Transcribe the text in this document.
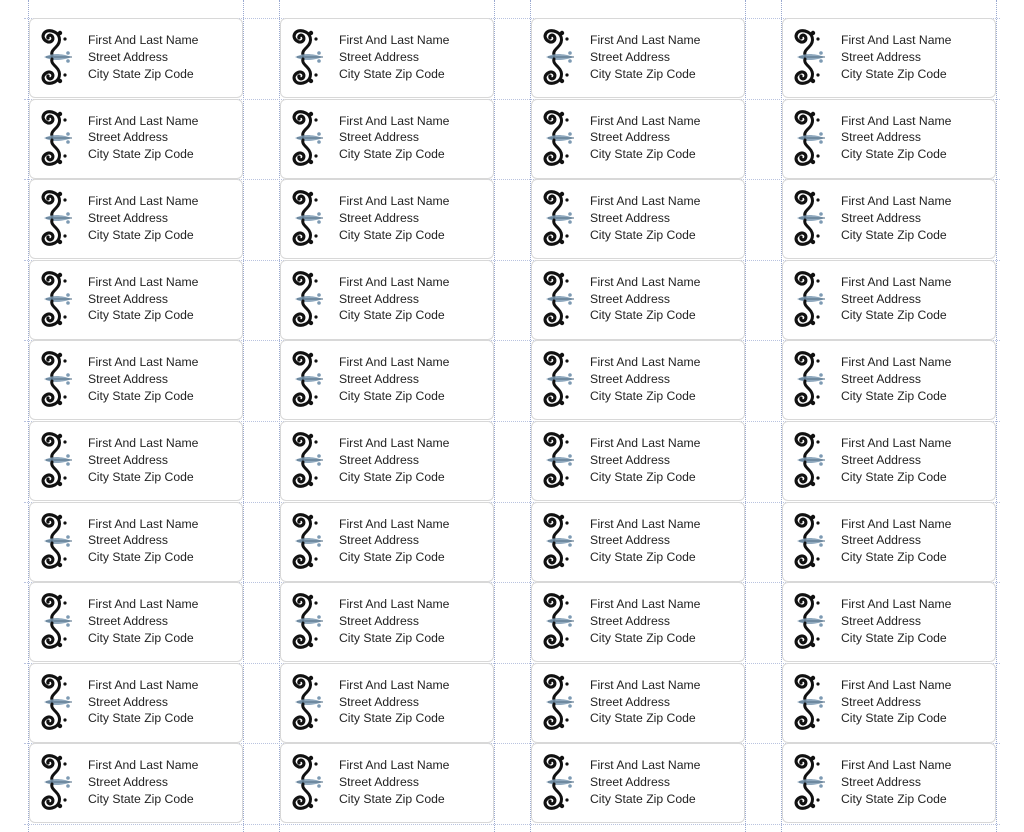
First And Last Name
Street Address
City State Zip Code
First And Last Name
Street Address
City State Zip Code
First And Last Name
Street Address
City State Zip Code
First And Last Name
Street Address
City State Zip Code
First And Last Name
Street Address
City State Zip Code
First And Last Name
Street Address
City State Zip Code
First And Last Name
Street Address
City State Zip Code
First And Last Name
Street Address
City State Zip Code
First And Last Name
Street Address
City State Zip Code
First And Last Name
Street Address
City State Zip Code
First And Last Name
Street Address
City State Zip Code
First And Last Name
Street Address
City State Zip Code
First And Last Name
Street Address
City State Zip Code
First And Last Name
Street Address
City State Zip Code
First And Last Name
Street Address
City State Zip Code
First And Last Name
Street Address
City State Zip Code
First And Last Name
Street Address
City State Zip Code
First And Last Name
Street Address
City State Zip Code
First And Last Name
Street Address
City State Zip Code
First And Last Name
Street Address
City State Zip Code
First And Last Name
Street Address
City State Zip Code
First And Last Name
Street Address
City State Zip Code
First And Last Name
Street Address
City State Zip Code
First And Last Name
Street Address
City State Zip Code
First And Last Name
Street Address
City State Zip Code
First And Last Name
Street Address
City State Zip Code
First And Last Name
Street Address
City State Zip Code
First And Last Name
Street Address
City State Zip Code
First And Last Name
Street Address
City State Zip Code
First And Last Name
Street Address
City State Zip Code
First And Last Name
Street Address
City State Zip Code
First And Last Name
Street Address
City State Zip Code
First And Last Name
Street Address
City State Zip Code
First And Last Name
Street Address
City State Zip Code
First And Last Name
Street Address
City State Zip Code
First And Last Name
Street Address
City State Zip Code
First And Last Name
Street Address
City State Zip Code
First And Last Name
Street Address
City State Zip Code
First And Last Name
Street Address
City State Zip Code
First And Last Name
Street Address
City State Zip Code
